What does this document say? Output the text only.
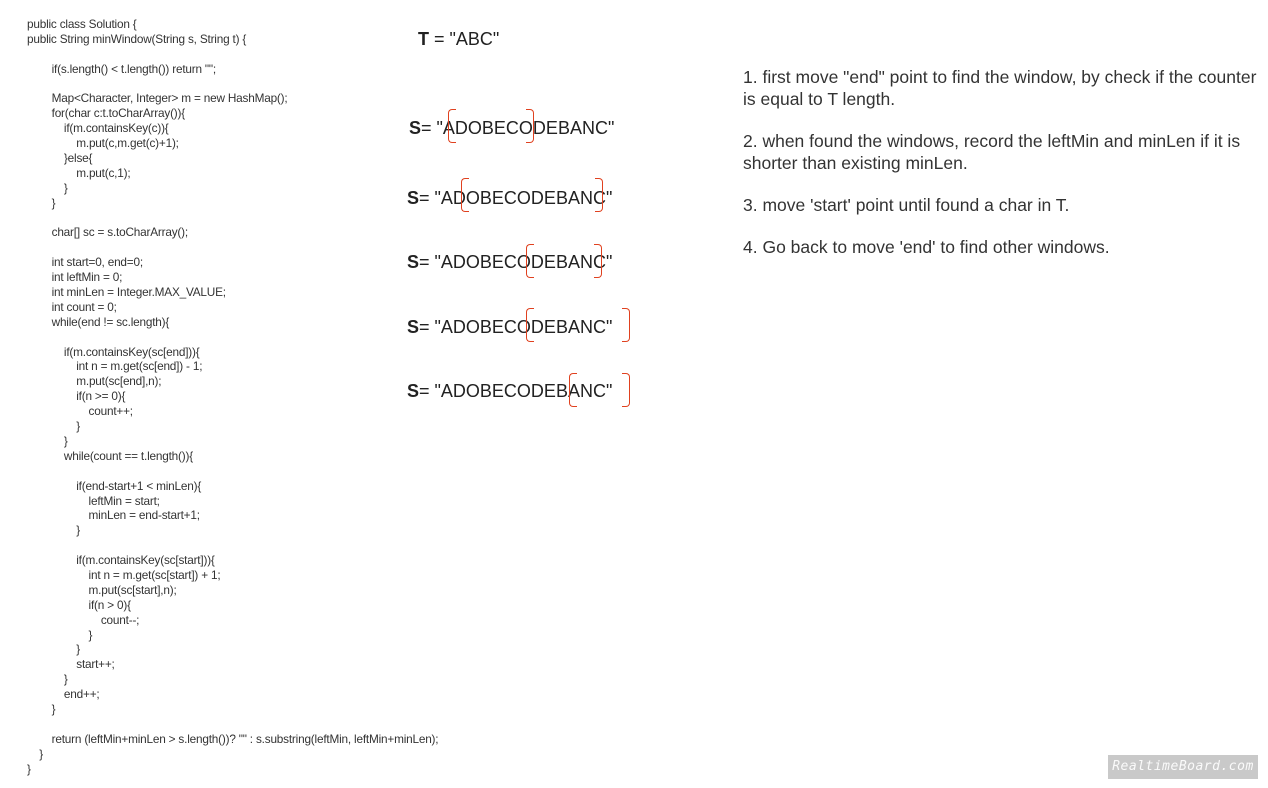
public class Solution {
public String minWindow(String s, String t) {
if(s.length() < t.length()) return "";
Map<Character, Integer> m = new HashMap();
for(char c:t.toCharArray()){
if(m.containsKey(c)){
m.put(c,m.get(c)+1);
}else{
m.put(c,1);
}
}
char[] sc = s.toCharArray();
int start=0, end=0;
int leftMin = 0;
int minLen = Integer.MAX_VALUE;
int count = 0;
while(end != sc.length){
if(m.containsKey(sc[end])){
int n = m.get(sc[end]) - 1;
m.put(sc[end],n);
if(n >= 0){
count++;
}
}
while(count == t.length()){
if(end-start+1 < minLen){
leftMin = start;
minLen = end-start+1;
}
if(m.containsKey(sc[start])){
int n = m.get(sc[start]) + 1;
m.put(sc[start],n);
if(n > 0){
count--;
}
}
start++;
}
end++;
}
return (leftMin+minLen > s.length())? "" : s.substring(leftMin, leftMin+minLen);
}
}
T = "ABC"
S= "ADOBECODEBANC"
S= "ADOBECODEBANC"
S= "ADOBECODEBANC"
S= "ADOBECODEBANC"
S= "ADOBECODEBANC"
1. first move "end" point to find the window, by check if the counter is equal to T length.
2. when found the windows, record the leftMin and minLen if it is shorter than existing minLen.
3. move 'start' point until found a char in T.
4. Go back to move 'end' to find other windows.
RealtimeBoard.com
